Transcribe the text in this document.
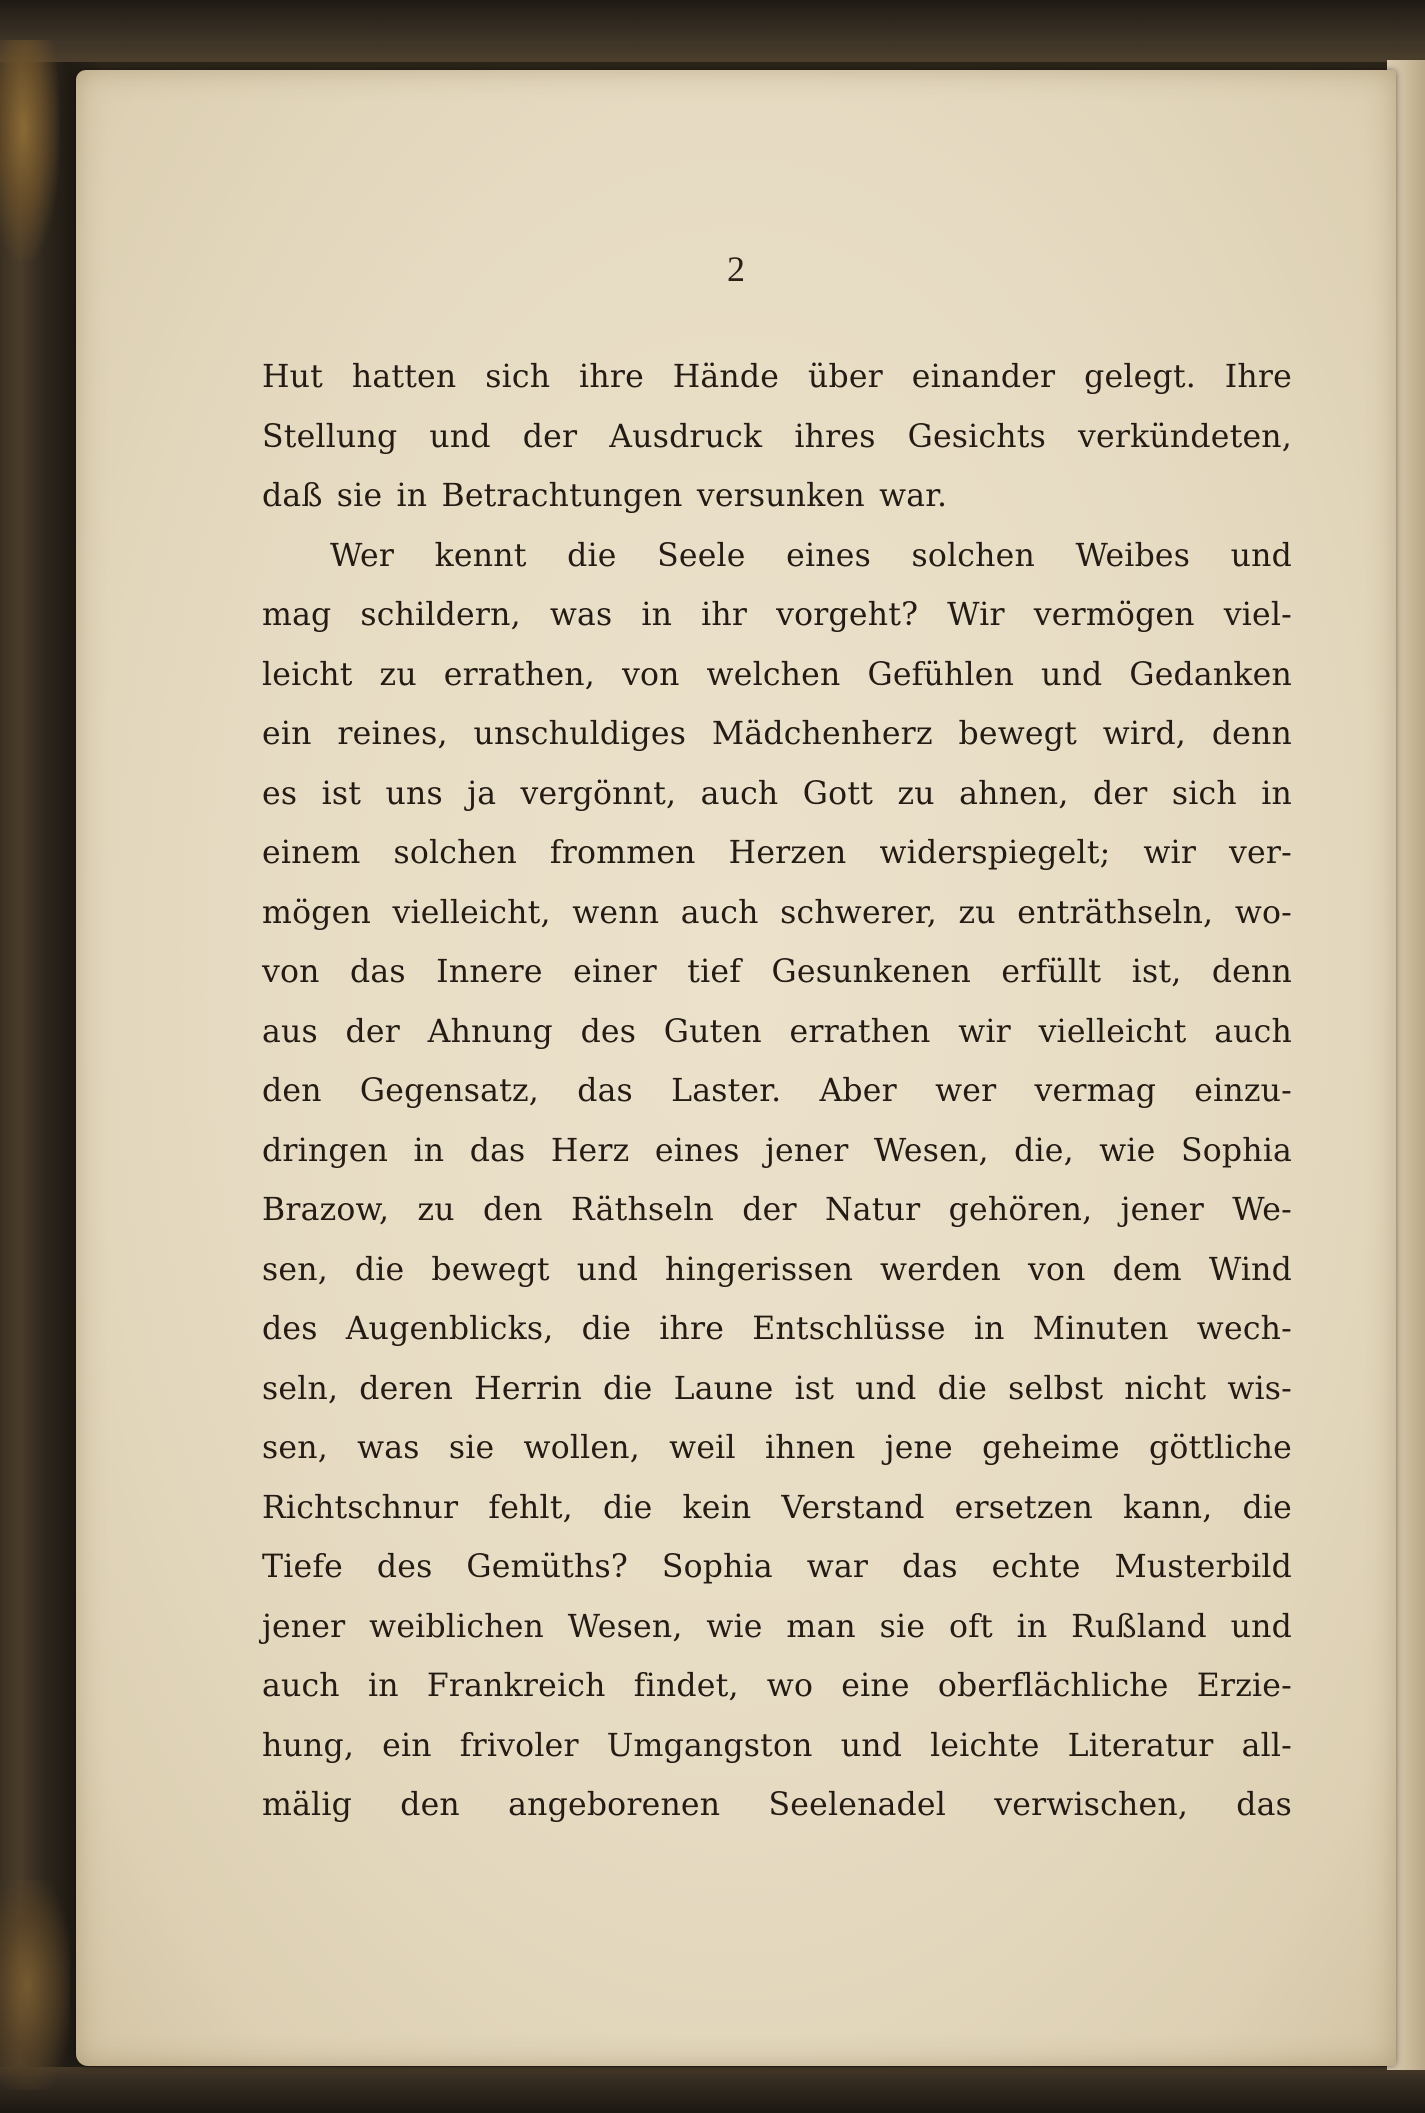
2
Hut hatten sich ihre Hände über einander gelegt. Ihre
Stellung und der Ausdruck ihres Gesichts verkündeten,
daß sie in Betrachtungen versunken war.
Wer kennt die Seele eines solchen Weibes und
mag schildern, was in ihr vorgeht? Wir vermögen viel-
leicht zu errathen, von welchen Gefühlen und Gedanken
ein reines, unschuldiges Mädchenherz bewegt wird, denn
es ist uns ja vergönnt, auch Gott zu ahnen, der sich in
einem solchen frommen Herzen widerspiegelt; wir ver-
mögen vielleicht, wenn auch schwerer, zu enträthseln, wo-
von das Innere einer tief Gesunkenen erfüllt ist, denn
aus der Ahnung des Guten errathen wir vielleicht auch
den Gegensatz, das Laster. Aber wer vermag einzu-
dringen in das Herz eines jener Wesen, die, wie Sophia
Brazow, zu den Räthseln der Natur gehören, jener We-
sen, die bewegt und hingerissen werden von dem Wind
des Augenblicks, die ihre Entschlüsse in Minuten wech-
seln, deren Herrin die Laune ist und die selbst nicht wis-
sen, was sie wollen, weil ihnen jene geheime göttliche
Richtschnur fehlt, die kein Verstand ersetzen kann, die
Tiefe des Gemüths? Sophia war das echte Musterbild
jener weiblichen Wesen, wie man sie oft in Rußland und
auch in Frankreich findet, wo eine oberflächliche Erzie-
hung, ein frivoler Umgangston und leichte Literatur all-
mälig den angeborenen Seelenadel verwischen, das
